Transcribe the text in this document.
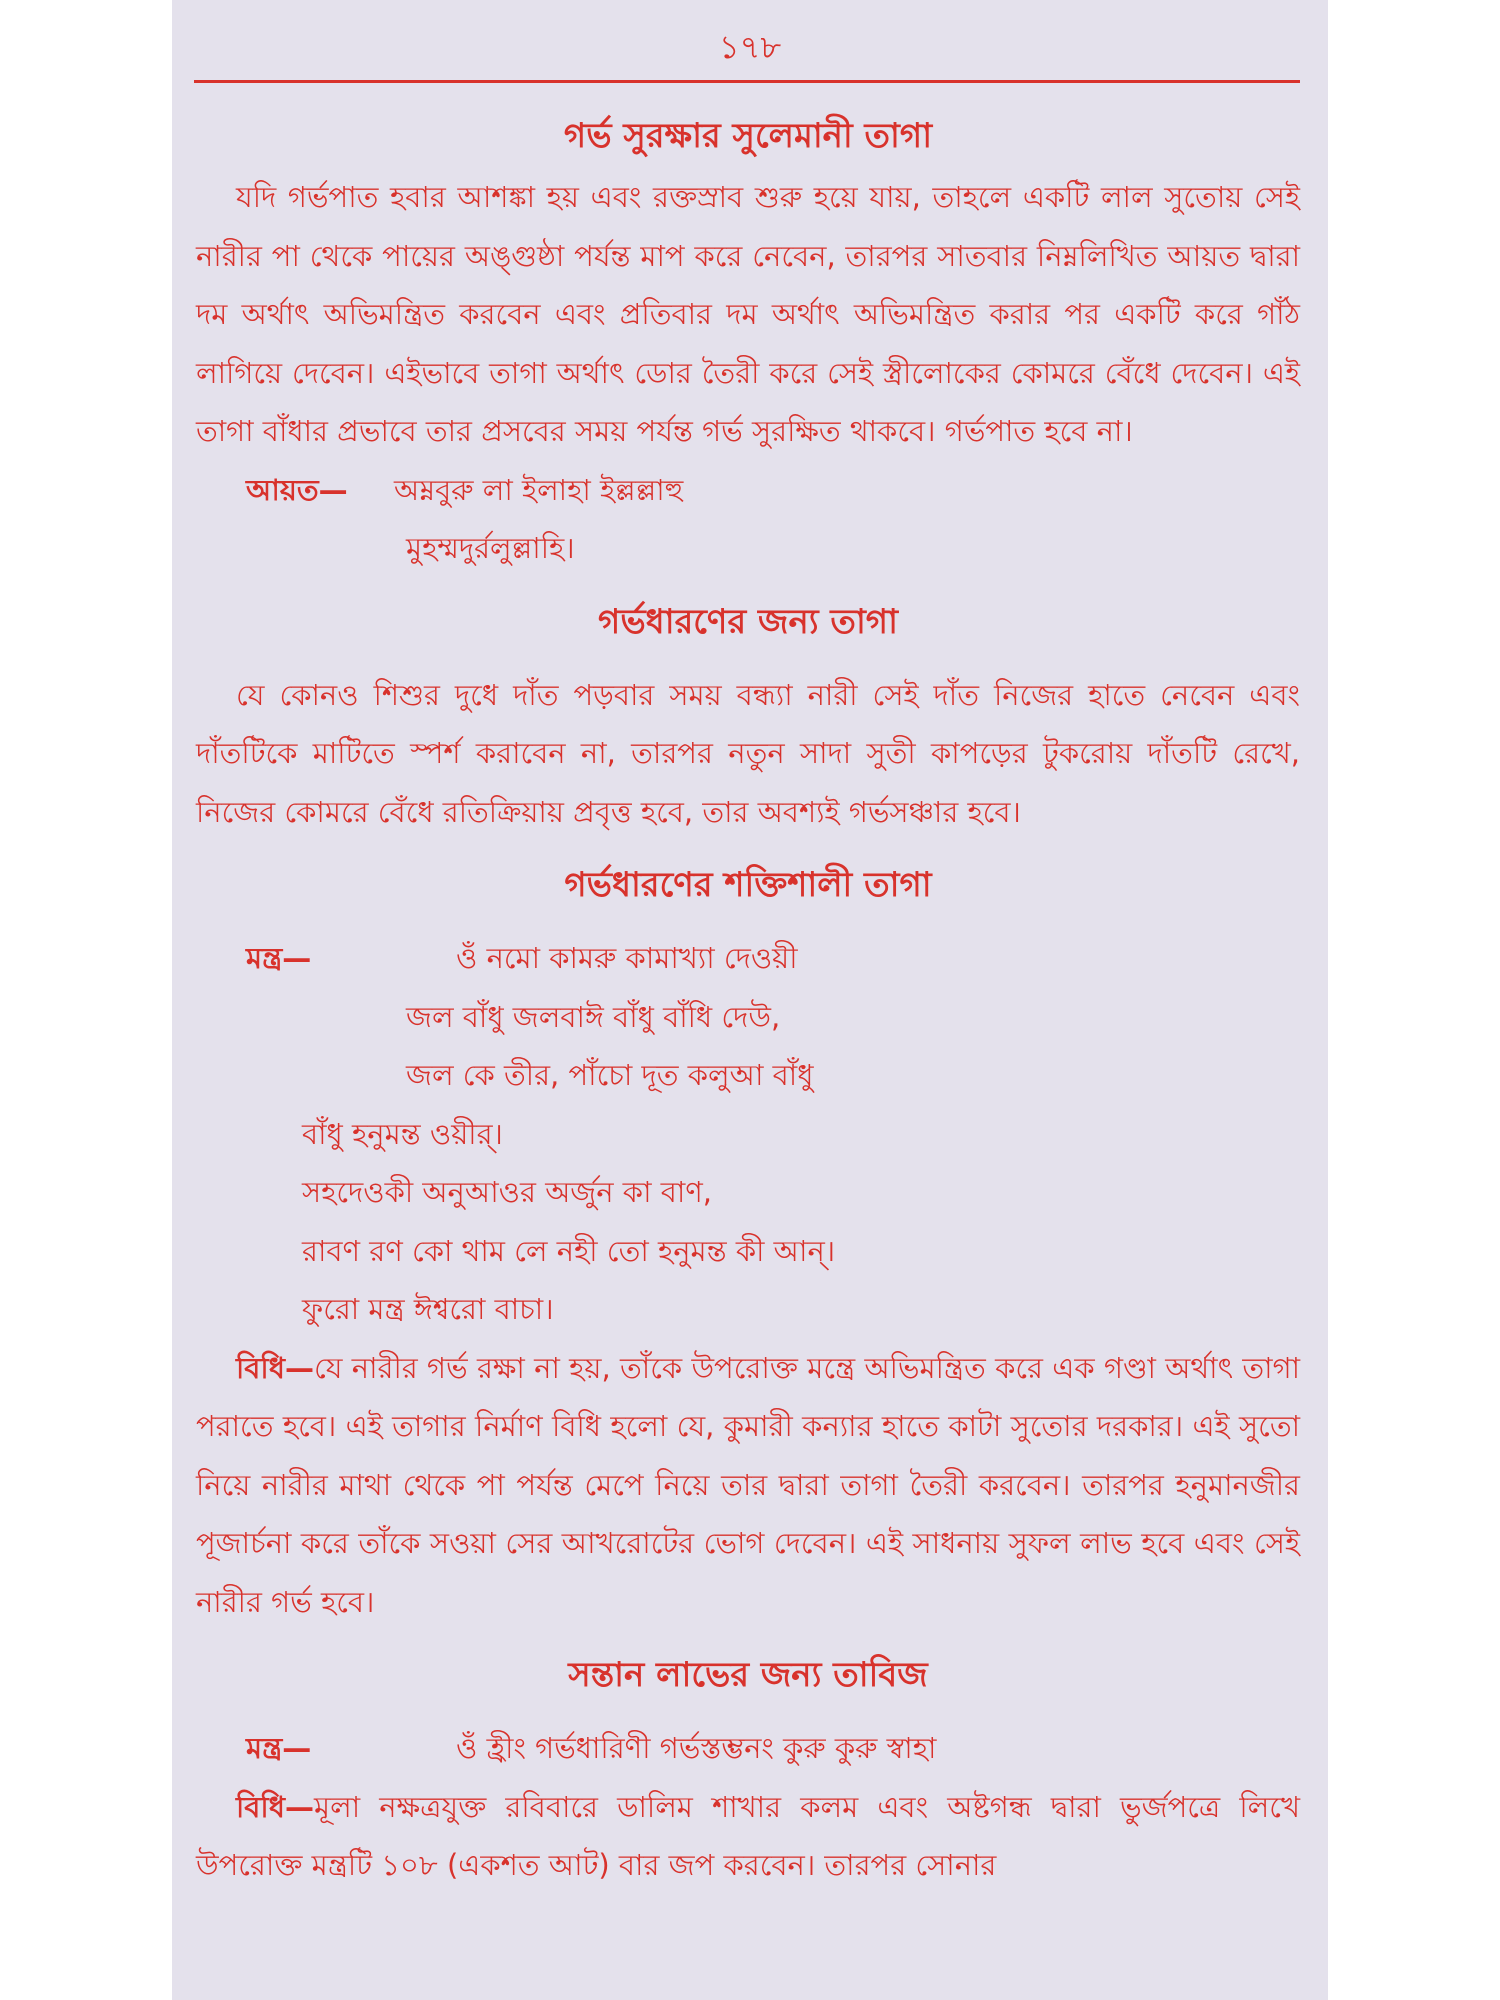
১৭৮
গর্ভ সুরক্ষার সুলেমানী তাগা

যদি গর্ভপাত হবার আশঙ্কা হয় এবং রক্তস্রাব শুরু হয়ে যায়, তাহলে একটি লাল সুতোয় সেই নারীর পা থেকে পায়ের অঙ্গুষ্ঠা পর্যন্ত মাপ করে নেবেন, তারপর সাতবার নিম্নলিখিত আয়ত দ্বারা দম অর্থাৎ অভিমন্ত্রিত করবেন এবং প্রতিবার দম অর্থাৎ অভিমন্ত্রিত করার পর একটি করে গাঁঠ লাগিয়ে দেবেন। এইভাবে তাগা অর্থাৎ ডোর তৈরী করে সেই স্ত্রীলোকের কোমরে বেঁধে দেবেন। এই তাগা বাঁধার প্রভাবে তার প্রসবের সময় পর্যন্ত গর্ভ সুরক্ষিত থাকবে। গর্ভপাত হবে না।

আয়ত—	অম্নবুরু লা ইলাহা ইল্লল্লাহু
মুহম্মদুর্রলুল্লাহি।
গর্ভধারণের জন্য তাগা

যে কোনও শিশুর দুধে দাঁত পড়বার সময় বন্ধ্যা নারী সেই দাঁত নিজের হাতে নেবেন এবং দাঁতটিকে মাটিতে স্পর্শ করাবেন না, তারপর নতুন সাদা সুতী কাপড়ের টুকরোয় দাঁতটি রেখে, নিজের কোমরে বেঁধে রতিক্রিয়ায় প্রবৃত্ত হবে, তার অবশ্যই গর্ভসঞ্চার হবে।

গর্ভধারণের শক্তিশালী তাগা
মন্ত্র—	ওঁ নমো কামরু কামাখ্যা দেওয়ী
জল বাঁধু জলবাঈ বাঁধু বাঁধি দেউ,
জল কে তীর, পাঁচো দূত কলুআ বাঁধু
বাঁধু হনুমন্ত ওয়ীর্।
সহদেওকী অনুআওর অর্জুন কা বাণ,
রাবণ রণ কো থাম লে নহী তো হনুমন্ত কী আন্।
ফুরো মন্ত্র ঈশ্বরো বাচা।

বিধি—যে নারীর গর্ভ রক্ষা না হয়, তাঁকে উপরোক্ত মন্ত্রে অভিমন্ত্রিত করে এক গণ্ডা অর্থাৎ তাগা পরাতে হবে। এই তাগার নির্মাণ বিধি হলো যে, কুমারী কন্যার হাতে কাটা সুতোর দরকার। এই সুতো নিয়ে নারীর মাথা থেকে পা পর্যন্ত মেপে নিয়ে তার দ্বারা তাগা তৈরী করবেন। তারপর হনুমানজীর পূজার্চনা করে তাঁকে সওয়া সের আখরোটের ভোগ দেবেন। এই সাধনায় সুফল লাভ হবে এবং সেই নারীর গর্ভ হবে।

সন্তান লাভের জন্য তাবিজ
মন্ত্র—	ওঁ হ্রীং গর্ভধারিণী গর্ভস্তম্ভনং কুরু কুরু স্বাহা

বিধি—মূলা নক্ষত্রযুক্ত রবিবারে ডালিম শাখার কলম এবং অষ্টগন্ধ দ্বারা ভুর্জপত্রে লিখে উপরোক্ত মন্ত্রটি ১০৮ (একশত আট) বার জপ করবেন। তারপর সোনার
